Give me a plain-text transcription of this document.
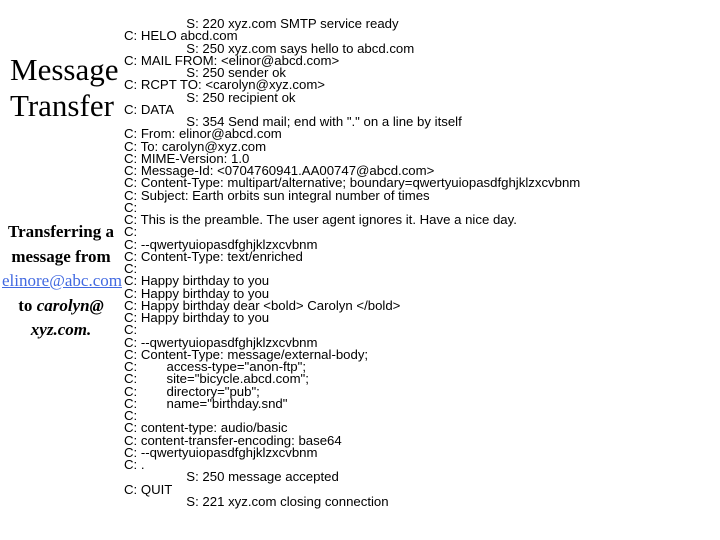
Message
Transfer
Transferring a message from elinore@abc.com to carolyn@ xyz.com.
S: 220 xyz.com SMTP service ready
C: HELO abcd.com
S: 250 xyz.com says hello to abcd.com
C: MAIL FROM: <elinor@abcd.com>
S: 250 sender ok
C: RCPT TO: <carolyn@xyz.com>
S: 250 recipient ok
C: DATA
S: 354 Send mail; end with "." on a line by itself
C: From: elinor@abcd.com
C: To: carolyn@xyz.com
C: MIME-Version: 1.0
C: Message-Id: <0704760941.AA00747@abcd.com>
C: Content-Type: multipart/alternative; boundary=qwertyuiopasdfghjklzxcvbnm
C: Subject: Earth orbits sun integral number of times
C:
C: This is the preamble. The user agent ignores it. Have a nice day.
C:
C: --qwertyuiopasdfghjklzxcvbnm
C: Content-Type: text/enriched
C:
C: Happy birthday to you
C: Happy birthday to you
C: Happy birthday dear <bold> Carolyn </bold>
C: Happy birthday to you
C:
C: --qwertyuiopasdfghjklzxcvbnm
C: Content-Type: message/external-body;
C:        access-type="anon-ftp";
C:        site="bicycle.abcd.com";
C:        directory="pub";
C:        name="birthday.snd"
C:
C: content-type: audio/basic
C: content-transfer-encoding: base64
C: --qwertyuiopasdfghjklzxcvbnm
C: .
S: 250 message accepted
C: QUIT
S: 221 xyz.com closing connection
